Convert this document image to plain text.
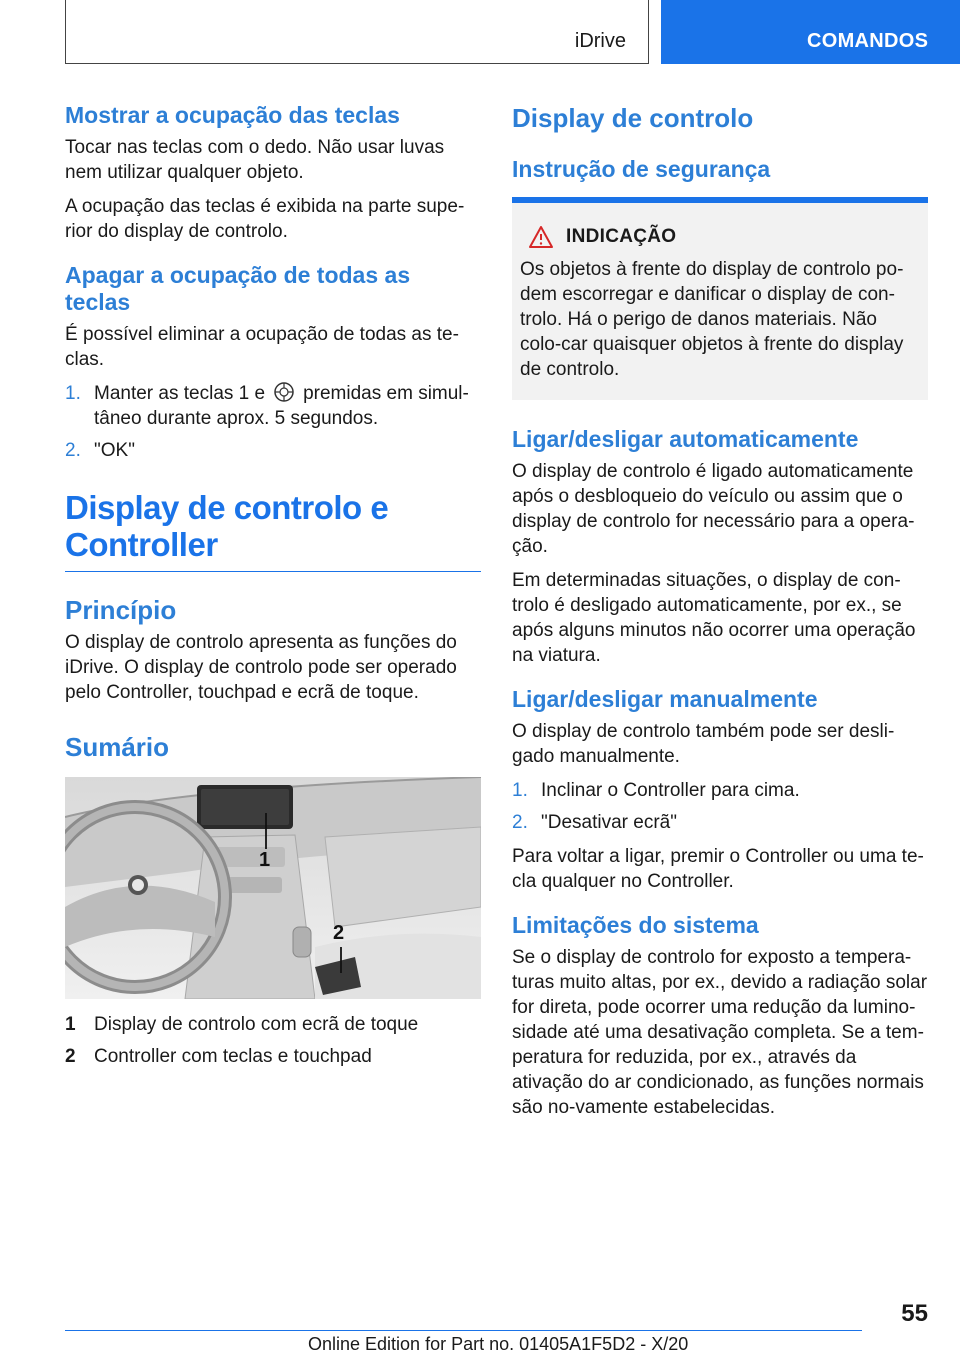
iDrive	COMANDOS
Mostrar a ocupação das teclas

Tocar nas teclas com o dedo. Não usar luvas nem utilizar qualquer objeto.

A ocupação das teclas é exibida na parte supe-rior do display de controlo.

Apagar a ocupação de todas as teclas

É possível eliminar a ocupação de todas as te-clas.

1. Manter as teclas 1 e premidas em simul-tâneo durante aprox. 5 segundos.
2. "OK"
Display de controlo e Controller
Princípio

O display de controlo apresenta as funções do iDrive. O display de controlo pode ser operado pelo Controller, touchpad e ecrã de toque.

Sumário
1
2
1 Display de controlo com ecrã de toque
2 Controller com teclas e touchpad
Display de controlo
Instrução de segurança
INDICAÇÃO

Os objetos à frente do display de controlo po-dem escorregar e danificar o display de con-trolo. Há o perigo de danos materiais. Não colo-car quaisquer objetos à frente do display de controlo.

Ligar/desligar automaticamente

O display de controlo é ligado automaticamente após o desbloqueio do veículo ou assim que o display de controlo for necessário para a opera-ção.

Em determinadas situações, o display de con-trolo é desligado automaticamente, por ex., se após alguns minutos não ocorrer uma operação na viatura.

Ligar/desligar manualmente

O display de controlo também pode ser desli-gado manualmente.

1. Inclinar o Controller para cima.
2. "Desativar ecrã"

Para voltar a ligar, premir o Controller ou uma te-cla qualquer no Controller.

Limitações do sistema

Se o display de controlo for exposto a tempera-turas muito altas, por ex., devido a radiação solar for direta, pode ocorrer uma redução da lumino-sidade até uma desativação completa. Se a tem-peratura for reduzida, por ex., através da ativação do ar condicionado, as funções normais são no-vamente estabelecidas.

55
Online Edition for Part no. 01405A1F5D2 - X/20
